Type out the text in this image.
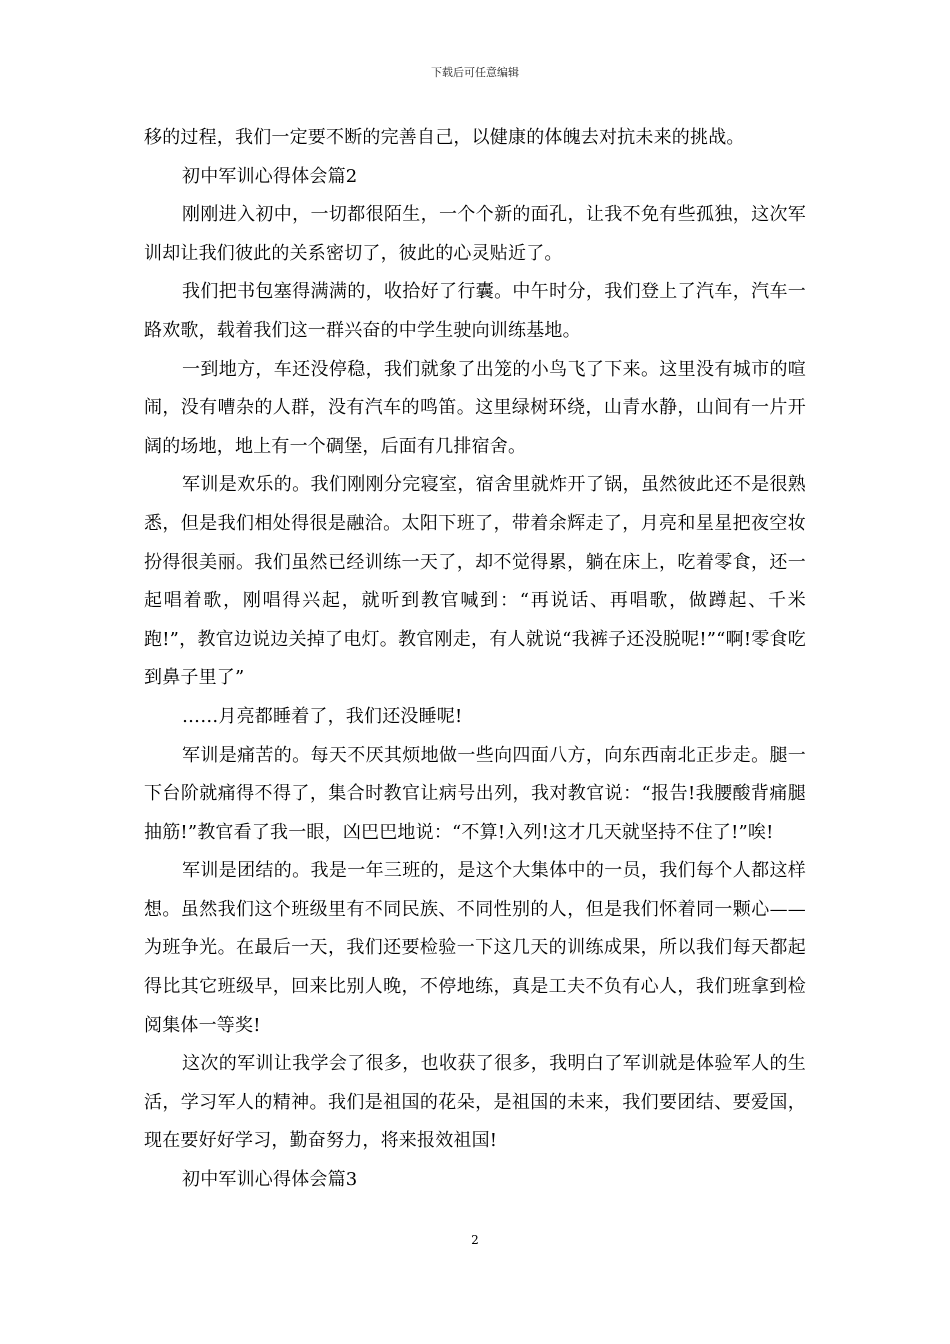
下载后可任意编辑

移的过程，我们一定要不断的完善自己，以健康的体魄去对抗未来的挑战。

初中军训心得体会篇2

刚刚进入初中，一切都很陌生，一个个新的面孔，让我不免有些孤独，这次军训却让我们彼此的关系密切了，彼此的心灵贴近了。

我们把书包塞得满满的，收拾好了行囊。中午时分，我们登上了汽车，汽车一路欢歌，载着我们这一群兴奋的中学生驶向训练基地。

一到地方，车还没停稳，我们就象了出笼的小鸟飞了下来。这里没有城市的喧闹，没有嘈杂的人群，没有汽车的鸣笛。这里绿树环绕，山青水静，山间有一片开阔的场地，地上有一个碉堡，后面有几排宿舍。

军训是欢乐的。我们刚刚分完寝室，宿舍里就炸开了锅，虽然彼此还不是很熟悉，但是我们相处得很是融洽。太阳下班了，带着余辉走了，月亮和星星把夜空妆扮得很美丽。我们虽然已经训练一天了，却不觉得累，躺在床上，吃着零食，还一起唱着歌，刚唱得兴起，就听到教官喊到：“再说话、再唱歌，做蹲起、千米跑!”，教官边说边关掉了电灯。教官刚走，有人就说“我裤子还没脱呢!”“啊!零食吃到鼻子里了”

……月亮都睡着了，我们还没睡呢!

军训是痛苦的。每天不厌其烦地做一些向四面八方，向东西南北正步走。腿一下台阶就痛得不得了，集合时教官让病号出列，我对教官说：“报告!我腰酸背痛腿抽筋!”教官看了我一眼，凶巴巴地说：“不算!入列!这才几天就坚持不住了!”唉!

军训是团结的。我是一年三班的，是这个大集体中的一员，我们每个人都这样想。虽然我们这个班级里有不同民族、不同性别的人，但是我们怀着同一颗心——为班争光。在最后一天，我们还要检验一下这几天的训练成果，所以我们每天都起得比其它班级早，回来比别人晚，不停地练，真是工夫不负有心人，我们班拿到检阅集体一等奖!

这次的军训让我学会了很多，也收获了很多，我明白了军训就是体验军人的生活，学习军人的精神。我们是祖国的花朵，是祖国的未来，我们要团结、要爱国，现在要好好学习，勤奋努力，将来报效祖国!

初中军训心得体会篇3

2
